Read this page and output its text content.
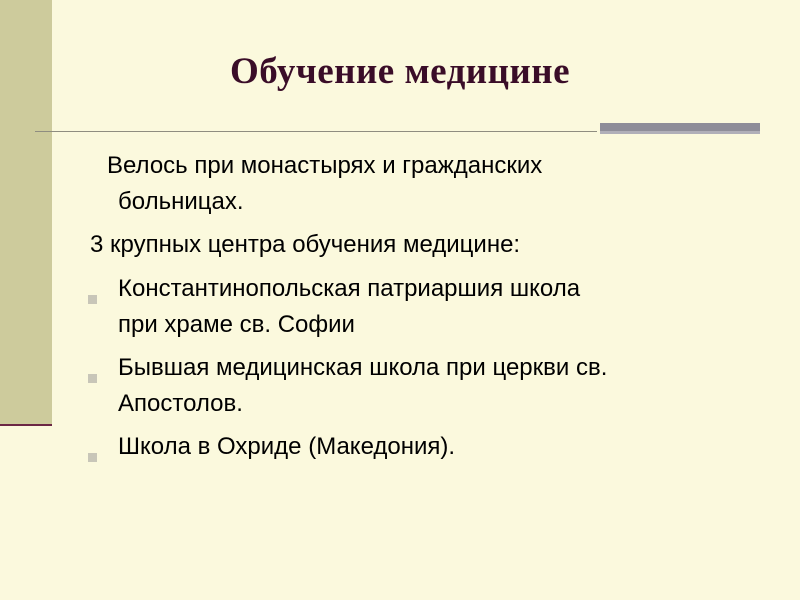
Обучение медицине
Велось при монастырях и гражданских
больницах.
3 крупных центра обучения медицине:
Константинопольская патриаршия школа
при храме св. Софии
Бывшая медицинская школа при церкви св.
Апостолов.
Школа в Охриде (Македония).
